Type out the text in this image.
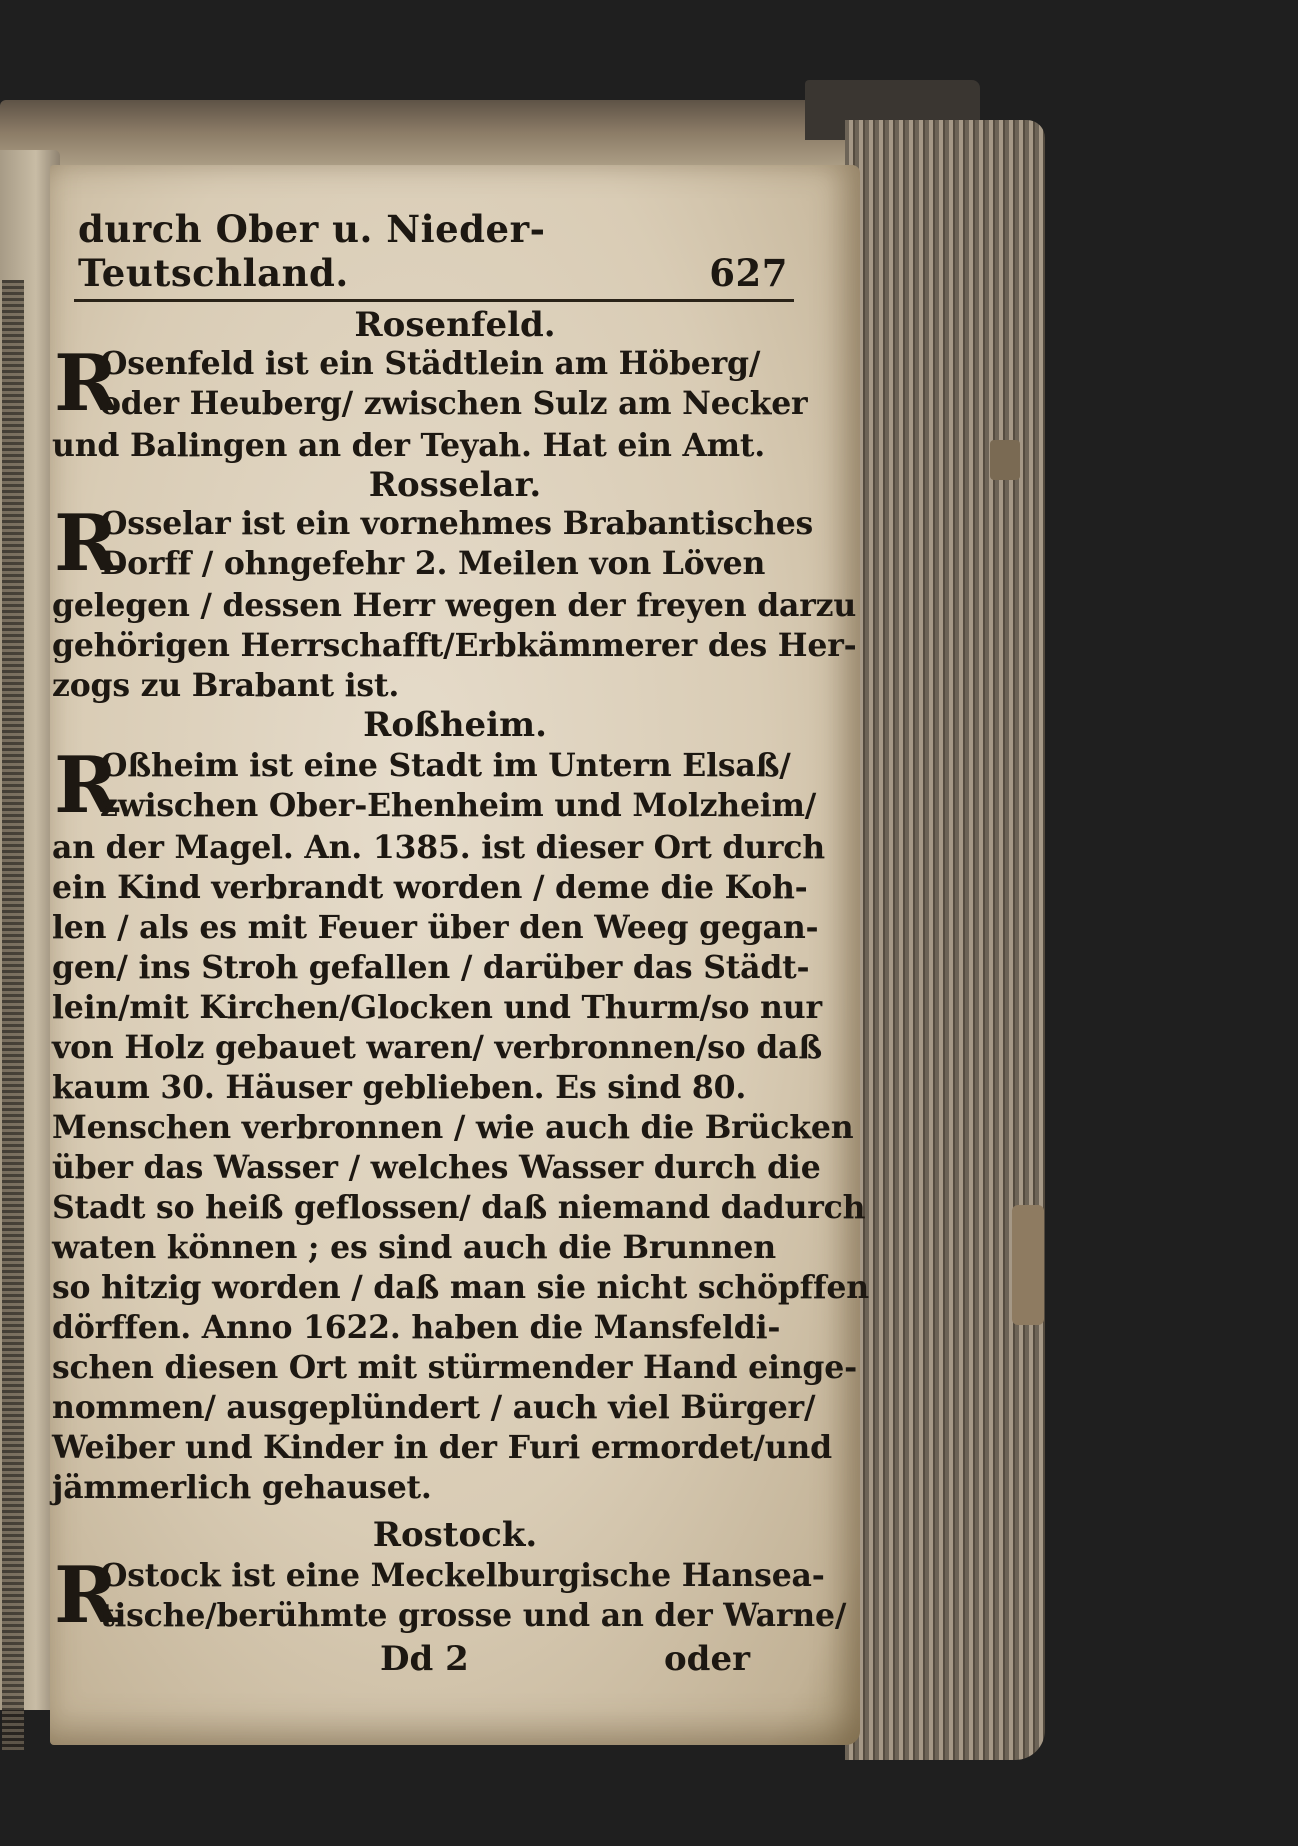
durch Ober u. Nieder-Teutschland.	627
Rosenfeld.
R
Osenfeld ist ein Städtlein am Höberg/
oder Heuberg/ zwischen Sulz am Necker
und Balingen an der Teyah. Hat ein Amt.
Rosselar.
R
Osselar ist ein vornehmes Brabantisches
Dorff / ohngefehr 2. Meilen von Löven
gelegen / dessen Herr wegen der freyen darzu
gehörigen Herrschafft/Erbkämmerer des Her-
zogs zu Brabant ist.
Roßheim.
R
Oßheim ist eine Stadt im Untern Elsaß/
zwischen Ober-Ehenheim und Molzheim/
an der Magel. An. 1385. ist dieser Ort durch
ein Kind verbrandt worden / deme die Koh-
len / als es mit Feuer über den Weeg gegan-
gen/ ins Stroh gefallen / darüber das Städt-
lein/mit Kirchen/Glocken und Thurm/so nur
von Holz gebauet waren/ verbronnen/so daß
kaum 30. Häuser geblieben. Es sind 80.
Menschen verbronnen / wie auch die Brücken
über das Wasser / welches Wasser durch die
Stadt so heiß geflossen/ daß niemand dadurch
waten können ; es sind auch die Brunnen
so hitzig worden / daß man sie nicht schöpffen
dörffen. Anno 1622. haben die Mansfeldi-
schen diesen Ort mit stürmender Hand einge-
nommen/ ausgeplündert / auch viel Bürger/
Weiber und Kinder in der Furi ermordet/und
jämmerlich gehauset.
Rostock.
R
Ostock ist eine Meckelburgische Hansea-
tische/berühmte grosse und an der Warne/
Dd 2	oder
